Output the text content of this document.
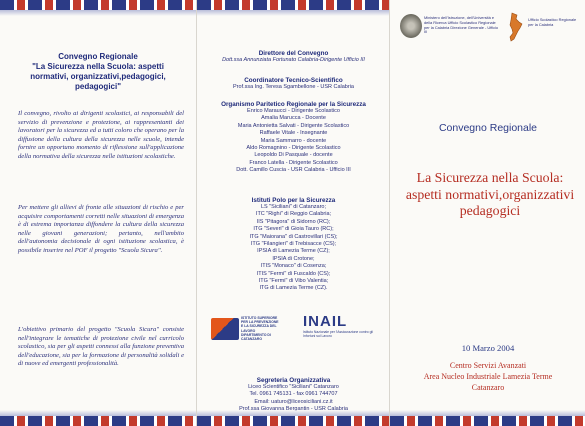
Convegno Regionale
"La Sicurezza nella Scuola: aspetti normativi, organizzativi,pedagogici, pedagogici"
Il convegno, rivolto ai dirigenti scolastici, ai responsabili del servizio di prevenzione e protezione, ai rappresentanti dei lavoratori per la sicurezza ed a tutti coloro che operano per la diffusione della cultura della sicurezza nelle scuole, intende fornire un opportuno momento di riflessione sull'applicazione della normativa della sicurezza nelle istituzioni scolastiche.
Per mettere gli allievi di fronte alle situazioni di rischio e per acquisire comportamenti corretti nelle situazioni di emergenza è di estrema importanza diffondere la cultura della sicurezza nelle giovani generazioni; pertanto, nell'ambito dell'autonomia decisionale di ogni istituzione scolastica, è possibile inserire nel POF il progetto "Scuola Sicura".
L'obiettivo primario del progetto "Scuola Sicura" consiste nell'integrare le tematiche di protezione civile nel curricolo scolastico, sia per gli aspetti connessi alla funzione preventiva dell'educazione, sia per la formazione di personalità solidali e di nuove ed emergenti professionalità.
Direttore del Convegno
Dott.ssa Annunziata Fortunato Calabria-Dirigente Ufficio III
Coordinatore Tecnico-Scientifico
Prof.ssa Ing. Teresa Sgambellone - USR Calabria
Organismo Paritetico Regionale per la Sicurezza
Enrico Maraucci - Dirigente Scolastico
Amalia Marucca - Docente
Maria Antonietta Salvati - Dirigente Scolastico
Raffaele Vitale - Insegnante
Maria Sammarro - docente
Aldo Romagnino - Dirigente Scolastico
Leopoldo Di Pasquale - docente
Franco Latella - Dirigente Scolastico
Dott. Camillo Cuscia - USR Calabria - Ufficio III
Istituti Polo per la Sicurezza
LS "Siciliani" di Catanzaro;
ITC "Righi" di Reggio Calabria;
IIS "Pitagora" di Sidorno (RC);
ITG "Severi" di Gioia Tauro (RC);
ITG "Maiorana" di Castrovillari (CS);
ITG "Filangieri" di Trebisacce (CS);
IPSIA di Lamezia Terme (CZ);
IPSIA di Crotone;
ITIS "Monaco" di Cosenza;
ITIS "Fermi" di Fuscaldo (CS);
ITG "Fermi" di Vibo Valentia;
ITG di Lamezia Terme (CZ).
ISTITUTO SUPERIORE PER LA PREVENZIONE E LA SICUREZZA DEL LAVORO DIPARTIMENTO DI CATANZARO
INAIL
Istituto Nazionale per l'Assicurazione contro gli Infortuni sul Lavoro
Segreteria Organizzativa
Liceo Scientifico "Siciliani" Catanzaro
Tel. 0961 745131 - fax 0961 744707
Email: uaturo@liceosiciliani.cz.it
Ministero dell'Istruzione, dell'Università e della Ricerca Ufficio Scolastico Regionale per la Calabria Direzione Generale - Ufficio III
Ufficio Scolastico Regionale per la Calabria
Convegno Regionale
La Sicurezza nella Scuola:
aspetti normativi,organizzativi
pedagogici
10 Marzo 2004
Centro Servizi Avanzati
Area Nucleo Industriale Lamezia Terme
Catanzaro
